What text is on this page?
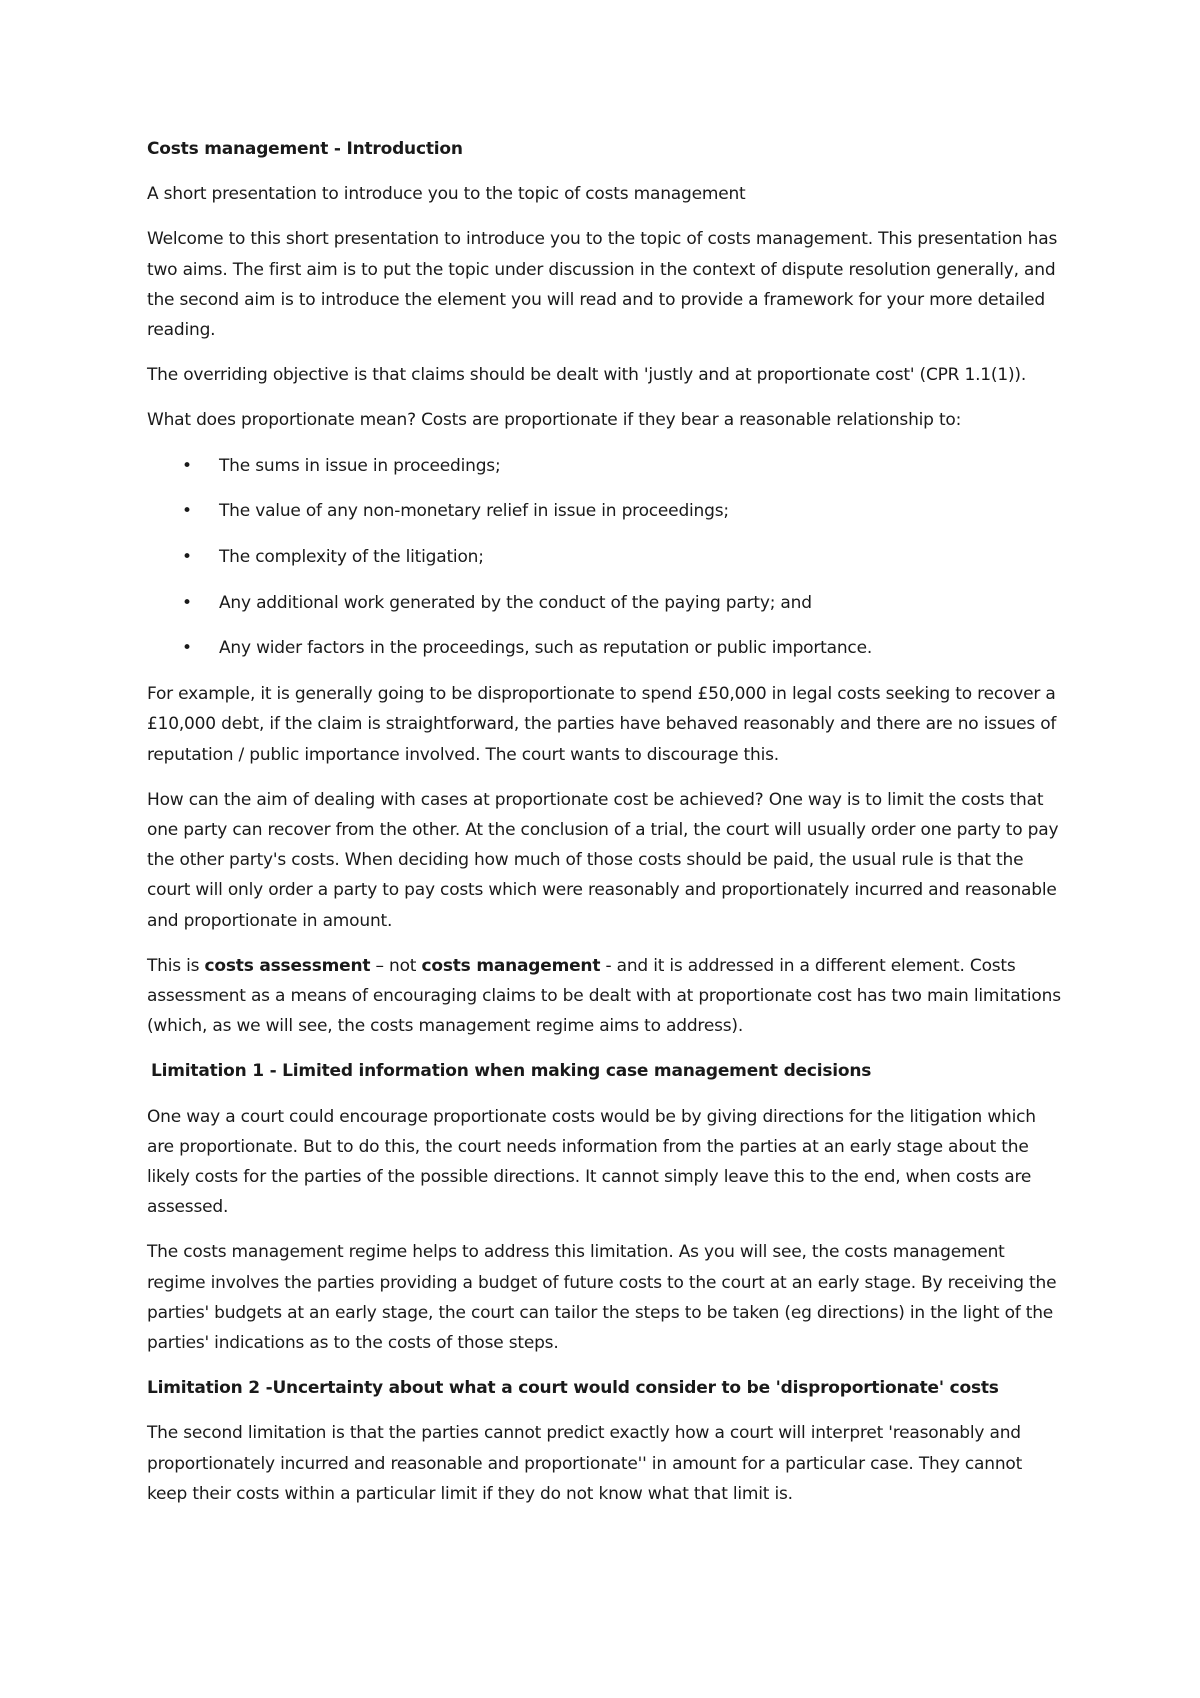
Costs management - Introduction

A short presentation to introduce you to the topic of costs management

Welcome to this short presentation to introduce you to the topic of costs management. This presentation has two aims. The first aim is to put the topic under discussion in the context of dispute resolution generally, and the second aim is to introduce the element you will read and to provide a framework for your more detailed reading.

The overriding objective is that claims should be dealt with 'justly and at proportionate cost' (CPR 1.1(1)).

What does proportionate mean? Costs are proportionate if they bear a reasonable relationship to:

• The sums in issue in proceedings;
• The value of any non-monetary relief in issue in proceedings;
• The complexity of the litigation;
• Any additional work generated by the conduct of the paying party; and
• Any wider factors in the proceedings, such as reputation or public importance.

For example, it is generally going to be disproportionate to spend £50,000 in legal costs seeking to recover a £10,000 debt, if the claim is straightforward, the parties have behaved reasonably and there are no issues of reputation / public importance involved. The court wants to discourage this.

How can the aim of dealing with cases at proportionate cost be achieved? One way is to limit the costs that one party can recover from the other. At the conclusion of a trial, the court will usually order one party to pay the other party's costs. When deciding how much of those costs should be paid, the usual rule is that the court will only order a party to pay costs which were reasonably and proportionately incurred and reasonable and proportionate in amount.

This is costs assessment – not costs management - and it is addressed in a different element. Costs assessment as a means of encouraging claims to be dealt with at proportionate cost has two main limitations (which, as we will see, the costs management regime aims to address).

Limitation 1 - Limited information when making case management decisions

One way a court could encourage proportionate costs would be by giving directions for the litigation which are proportionate. But to do this, the court needs information from the parties at an early stage about the likely costs for the parties of the possible directions. It cannot simply leave this to the end, when costs are assessed.

The costs management regime helps to address this limitation. As you will see, the costs management regime involves the parties providing a budget of future costs to the court at an early stage. By receiving the parties' budgets at an early stage, the court can tailor the steps to be taken (eg directions) in the light of the parties' indications as to the costs of those steps.

Limitation 2 -Uncertainty about what a court would consider to be 'disproportionate' costs

The second limitation is that the parties cannot predict exactly how a court will interpret 'reasonably and proportionately incurred and reasonable and proportionate'' in amount for a particular case. They cannot keep their costs within a particular limit if they do not know what that limit is.
